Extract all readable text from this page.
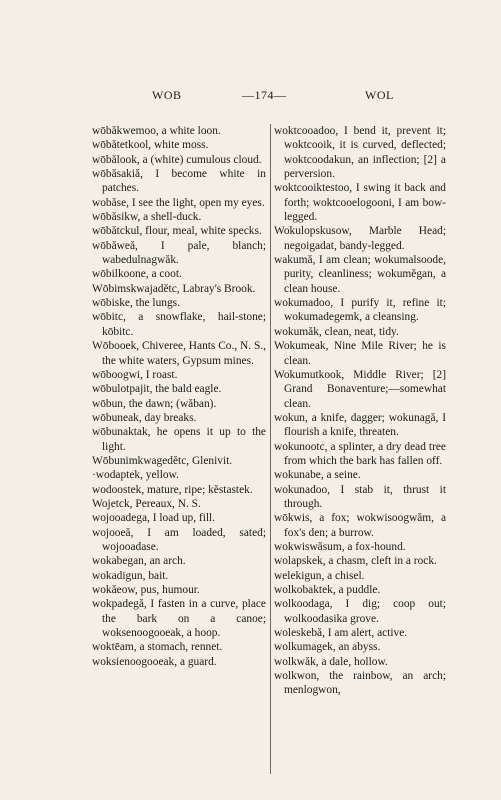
WOB	—174—	WOL

wōbăkwemoo, a white loon.

wōbătetkool, white moss.

wōbălook, a (white) cumulous cloud.

wōbăsakiă, I become white in patches.

wobăse, I see the light, open my eyes.

wōbăsikw, a shell-duck.

wōbătckul, flour, meal, white specks.

wōbăweă, I pale, blanch; wabedulnagwăk.

wōbilkoone, a coot.

Wōbimskwajadĕtc, Labray's Brook.

wōbiske, the lungs.

wōbitc, a snowflake, hail-stone; kōbitc.

Wōbooek, Chiveree, Hants Co., N. S., the white waters, Gypsum mines.

wōboogwi, I roast.

wōbulotpajit, the bald eagle.

wōbun, the dawn; (wăban).

wōbuneak, day breaks.

wōbunaktak, he opens it up to the light.

Wōbunimkwagedĕtc, Glenivit.

·wodaptek, yellow.

wodoostek, mature, ripe; kĕstastek.

Wojetck, Pereaux, N. S.

wojooadega, I load up, fill.

wojooeă, I am loaded, sated; wojooadase.

wokabegan, an arch.

wokadigun, bait.

wokăeow, pus, humour.

wokpadegă, I fasten in a curve, place the bark on a canoe; woksenoogooeak, a hoop.

woktēam, a stomach, rennet.

woksienoogooeak, a guard.

woktcooadoo, I bend it, prevent it; woktcooik, it is curved, deflected; woktcoodakun, an inflection; [2] a perversion.

woktcooiktestoo, I swing it back and forth; woktcooelogooni, I am bow-legged.

Wokulopskusow, Marble Head; negoigadat, bandy-legged.

wakumă, I am clean; wokumalsoode, purity, cleanliness; wokumĕgan, a clean house.

wokumadoo, I purify it, refine it; wokumadegemk, a cleansing.

wokumăk, clean, neat, tidy.

Wokumeak, Nine Mile River; he is clean.

Wokumutkook, Middle River; [2] Grand Bonaventure;—somewhat clean.

wokun, a knife, dagger; wokunagă, I flourish a knife, threaten.

wokunootc, a splinter, a dry dead tree from which the bark has fallen off.

wokunabe, a seine.

wokunadoo, I stab it, thrust it through.

wōkwis, a fox; wokwisoogwăm, a fox's den; a burrow.

wokwiswăsum, a fox-hound.

wolapskek, a chasm, cleft in a rock.

welekigun, a chisel.

wolkobaktek, a puddle.

wolkoodaga, I dig; coop out; wolkoodasika grove.

woleskebă, I am alert, active.

wolkumagek, an abyss.

wolkwăk, a dale, hollow.

wolkwon, the rainbow, an arch; menlogwon,
